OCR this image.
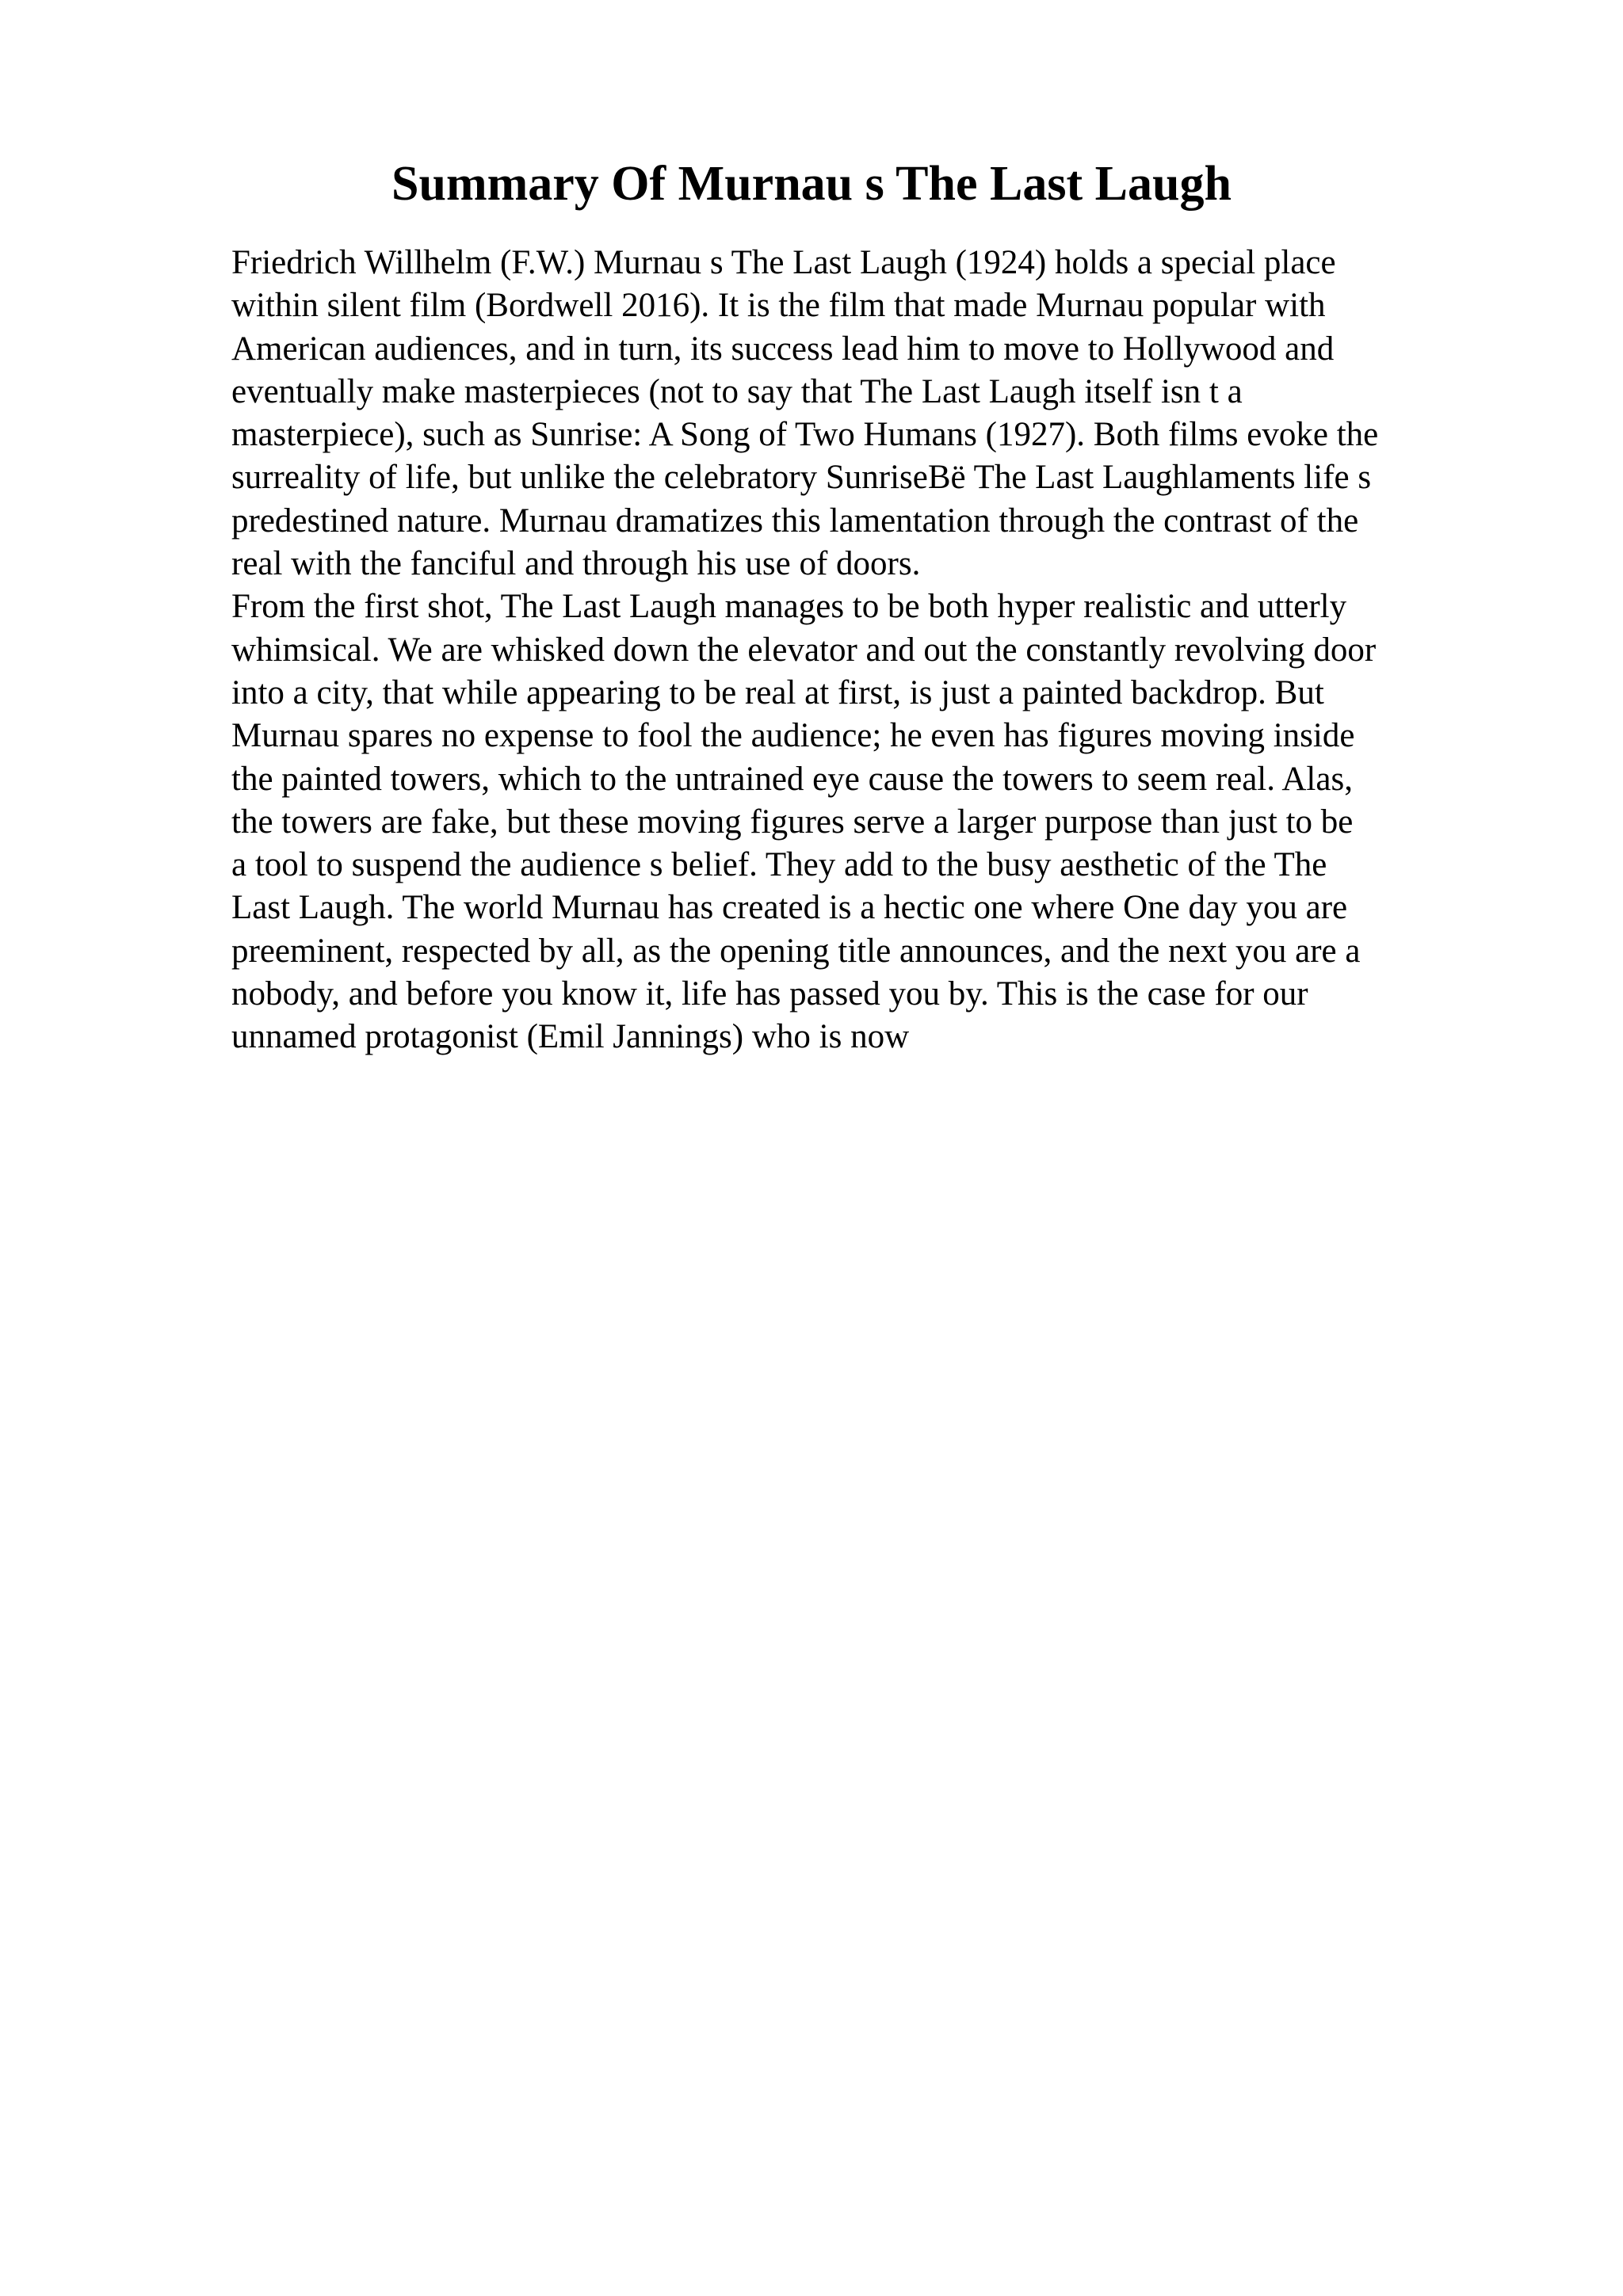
Summary Of Murnau s The Last Laugh
Friedrich Willhelm (F.W.) Murnau s The Last Laugh (1924) holds a special place
within silent film (Bordwell 2016). It is the film that made Murnau popular with
American audiences, and in turn, its success lead him to move to Hollywood and
eventually make masterpieces (not to say that The Last Laugh itself isn t a
masterpiece), such as Sunrise: A Song of Two Humans (1927). Both films evoke the
surreality of life, but unlike the celebratory SunriseBë The Last Laughlaments life s
predestined nature. Murnau dramatizes this lamentation through the contrast of the
real with the fanciful and through his use of doors.
From the first shot, The Last Laugh manages to be both hyper realistic and utterly
whimsical. We are whisked down the elevator and out the constantly revolving door
into a city, that while appearing to be real at first, is just a painted backdrop. But
Murnau spares no expense to fool the audience; he even has figures moving inside
the painted towers, which to the untrained eye cause the towers to seem real. Alas,
the towers are fake, but these moving figures serve a larger purpose than just to be
a tool to suspend the audience s belief. They add to the busy aesthetic of the The
Last Laugh. The world Murnau has created is a hectic one where One day you are
preeminent, respected by all, as the opening title announces, and the next you are a
nobody, and before you know it, life has passed you by. This is the case for our
unnamed protagonist (Emil Jannings) who is now
